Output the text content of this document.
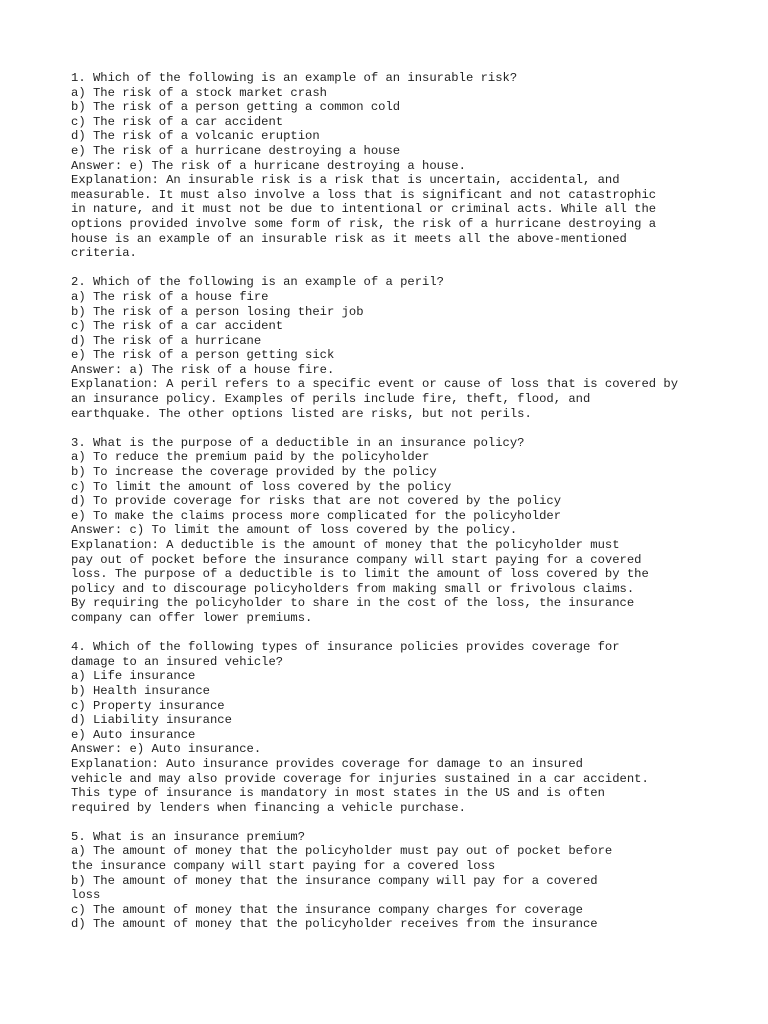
1. Which of the following is an example of an insurable risk?
a) The risk of a stock market crash
b) The risk of a person getting a common cold
c) The risk of a car accident
d) The risk of a volcanic eruption
e) The risk of a hurricane destroying a house
Answer: e) The risk of a hurricane destroying a house.
Explanation: An insurable risk is a risk that is uncertain, accidental, and
measurable. It must also involve a loss that is significant and not catastrophic
in nature, and it must not be due to intentional or criminal acts. While all the
options provided involve some form of risk, the risk of a hurricane destroying a
house is an example of an insurable risk as it meets all the above-mentioned
criteria.
2. Which of the following is an example of a peril?
a) The risk of a house fire
b) The risk of a person losing their job
c) The risk of a car accident
d) The risk of a hurricane
e) The risk of a person getting sick
Answer: a) The risk of a house fire.
Explanation: A peril refers to a specific event or cause of loss that is covered by
an insurance policy. Examples of perils include fire, theft, flood, and
earthquake. The other options listed are risks, but not perils.
3. What is the purpose of a deductible in an insurance policy?
a) To reduce the premium paid by the policyholder
b) To increase the coverage provided by the policy
c) To limit the amount of loss covered by the policy
d) To provide coverage for risks that are not covered by the policy
e) To make the claims process more complicated for the policyholder
Answer: c) To limit the amount of loss covered by the policy.
Explanation: A deductible is the amount of money that the policyholder must
pay out of pocket before the insurance company will start paying for a covered
loss. The purpose of a deductible is to limit the amount of loss covered by the
policy and to discourage policyholders from making small or frivolous claims.
By requiring the policyholder to share in the cost of the loss, the insurance
company can offer lower premiums.
4. Which of the following types of insurance policies provides coverage for
damage to an insured vehicle?
a) Life insurance
b) Health insurance
c) Property insurance
d) Liability insurance
e) Auto insurance
Answer: e) Auto insurance.
Explanation: Auto insurance provides coverage for damage to an insured
vehicle and may also provide coverage for injuries sustained in a car accident.
This type of insurance is mandatory in most states in the US and is often
required by lenders when financing a vehicle purchase.
5. What is an insurance premium?
a) The amount of money that the policyholder must pay out of pocket before
the insurance company will start paying for a covered loss
b) The amount of money that the insurance company will pay for a covered
loss
c) The amount of money that the insurance company charges for coverage
d) The amount of money that the policyholder receives from the insurance
